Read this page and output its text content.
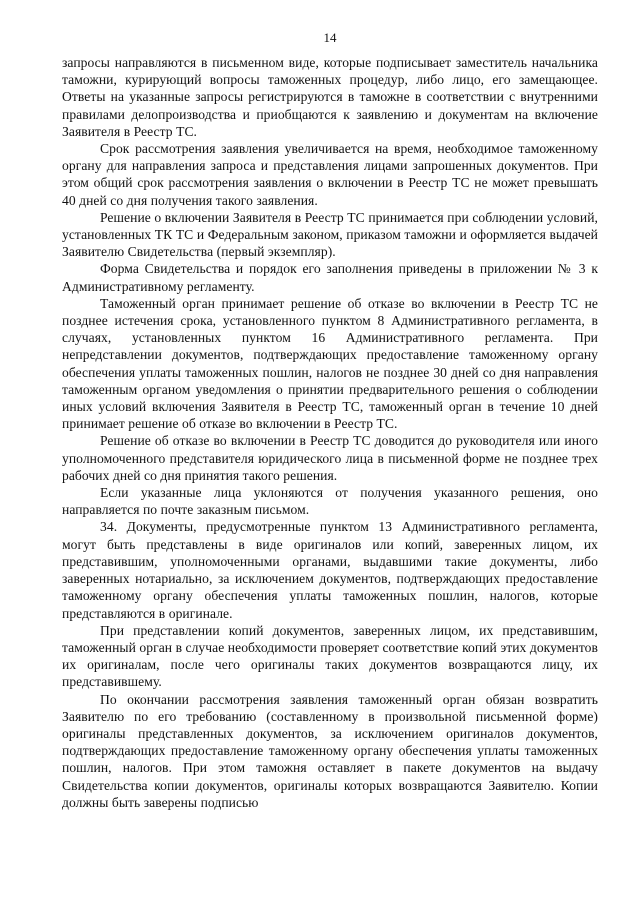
14

запросы направляются в письменном виде, которые подписывает заместитель начальника таможни, курирующий вопросы таможенных процедур, либо лицо, его замещающее. Ответы на указанные запросы регистрируются в таможне в соответствии с внутренними правилами делопроизводства и приобщаются к заявлению и документам на включение Заявителя в Реестр ТС.

Срок рассмотрения заявления увеличивается на время, необходимое таможенному органу для направления запроса и представления лицами запрошенных документов. При этом общий срок рассмотрения заявления о включении в Реестр ТС не может превышать 40 дней со дня получения такого заявления.

Решение о включении Заявителя в Реестр ТС принимается при соблюдении условий, установленных ТК ТС и Федеральным законом, приказом таможни и оформляется выдачей Заявителю Свидетельства (первый экземпляр).

Форма Свидетельства и порядок его заполнения приведены в приложении № 3 к Административному регламенту.

Таможенный орган принимает решение об отказе во включении в Реестр ТС не позднее истечения срока, установленного пунктом 8 Административного регламента, в случаях, установленных пунктом 16 Административного регламента. При непредставлении документов, подтверждающих предоставление таможенному органу обеспечения уплаты таможенных пошлин, налогов не позднее 30 дней со дня направления таможенным органом уведомления о принятии предварительного решения о соблюдении иных условий включения Заявителя в Реестр ТС, таможенный орган в течение 10 дней принимает решение об отказе во включении в Реестр ТС.

Решение об отказе во включении в Реестр ТС доводится до руководителя или иного уполномоченного представителя юридического лица в письменной форме не позднее трех рабочих дней со дня принятия такого решения.

Если указанные лица уклоняются от получения указанного решения, оно направляется по почте заказным письмом.

34. Документы, предусмотренные пунктом 13 Административного регламента, могут быть представлены в виде оригиналов или копий, заверенных лицом, их представившим, уполномоченными органами, выдавшими такие документы, либо заверенных нотариально, за исключением документов, подтверждающих предоставление таможенному органу обеспечения уплаты таможенных пошлин, налогов, которые представляются в оригинале.

При представлении копий документов, заверенных лицом, их представившим, таможенный орган в случае необходимости проверяет соответствие копий этих документов их оригиналам, после чего оригиналы таких документов возвращаются лицу, их представившему.

По окончании рассмотрения заявления таможенный орган обязан возвратить Заявителю по его требованию (составленному в произвольной письменной форме) оригиналы представленных документов, за исключением оригиналов документов, подтверждающих предоставление таможенному органу обеспечения уплаты таможенных пошлин, налогов. При этом таможня оставляет в пакете документов на выдачу Свидетельства копии документов, оригиналы которых возвращаются Заявителю. Копии должны быть заверены подписью
